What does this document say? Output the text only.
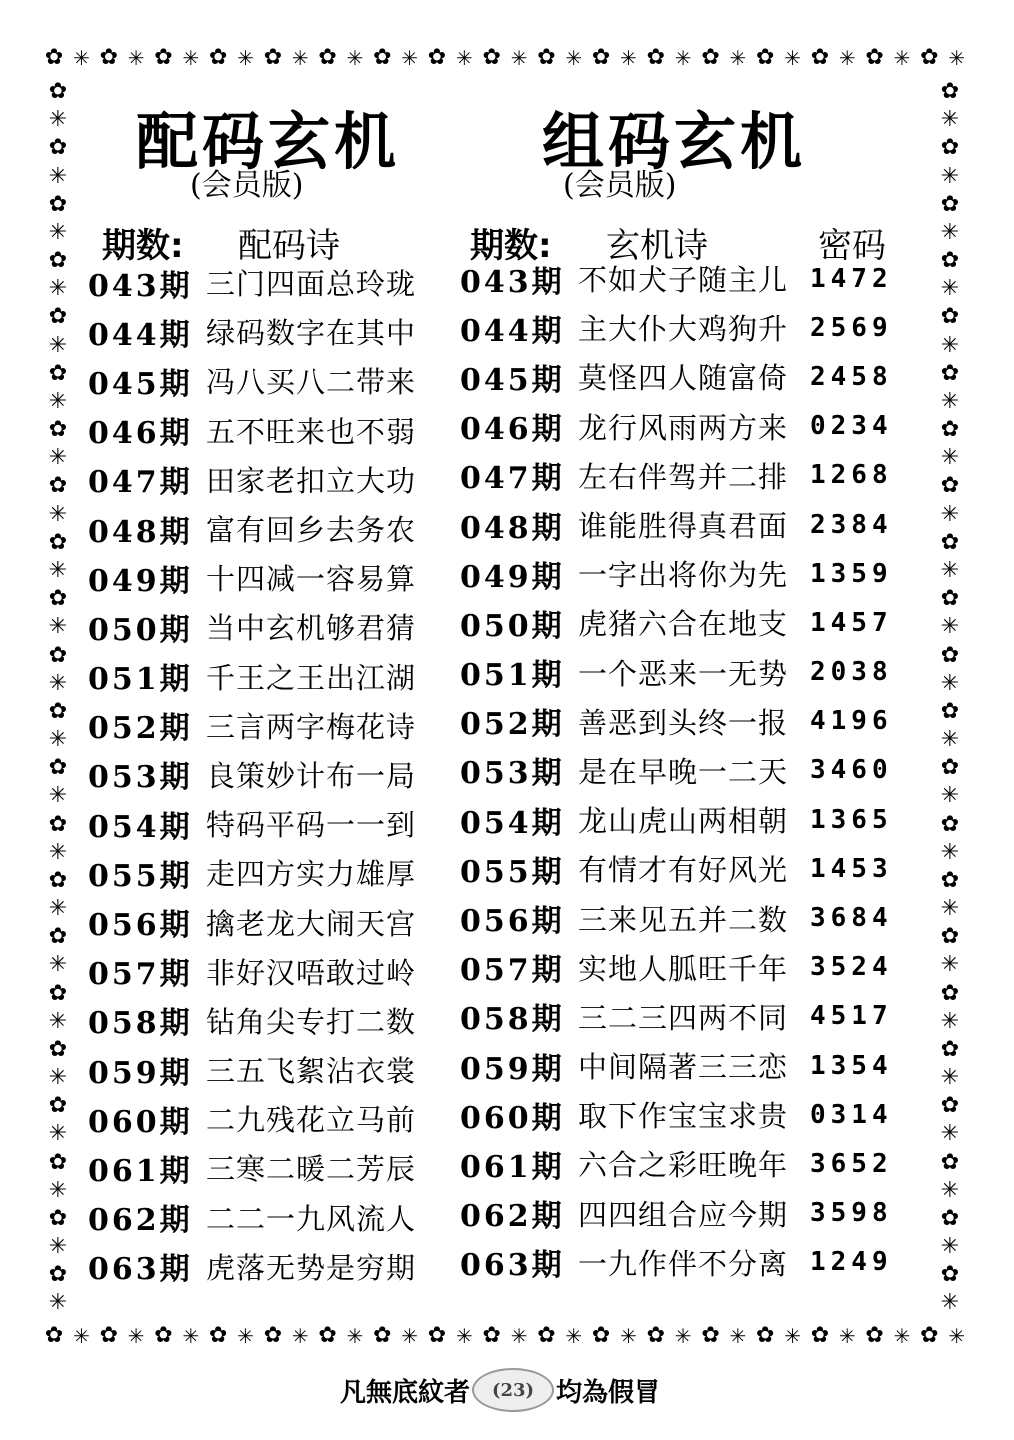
✿ ✳ ✿ ✳ ✿ ✳ ✿ ✳ ✿ ✳ ✿ ✳ ✿ ✳ ✿ ✳ ✿ ✳ ✿ ✳ ✿ ✳ ✿ ✳ ✿ ✳ ✿ ✳ ✿ ✳ ✿ ✳ ✿ ✳
✿ ✳ ✿ ✳ ✿ ✳ ✿ ✳ ✿ ✳ ✿ ✳ ✿ ✳ ✿ ✳ ✿ ✳ ✿ ✳ ✿ ✳ ✿ ✳ ✿ ✳ ✿ ✳ ✿ ✳ ✿ ✳ ✿ ✳
✿
✳
✿
✳
✿
✳
✿
✳
✿
✳
✿
✳
✿
✳
✿
✳
✿
✳
✿
✳
✿
✳
✿
✳
✿
✳
✿
✳
✿
✳
✿
✳
✿
✳
✿
✳
✿
✳
✿
✳
✿
✳
✿
✳
✿
✳
✿
✳
✿
✳
✿
✳
✿
✳
✿
✳
✿
✳
✿
✳
✿
✳
✿
✳
✿
✳
✿
✳
✿
✳
✿
✳
✿
✳
✿
✳
✿
✳
✿
✳
✿
✳
✿
✳
✿
✳
✿
✳
配码玄机
(会员版)
组码玄机
(会员版)
期数: 配码诗	期数: 玄机诗	密码
043期 三门四面总玲珑
044期 绿码数字在其中
045期 冯八买八二带来
046期 五不旺来也不弱
047期 田家老扣立大功
048期 富有回乡去务农
049期 十四减一容易算
050期 当中玄机够君猜
051期 千王之王出江湖
052期 三言两字梅花诗
053期 良策妙计布一局
054期 特码平码一一到
055期 走四方实力雄厚
056期 擒老龙大闹天宫
057期 非好汉唔敢过岭
058期 钻角尖专打二数
059期 三五飞絮沾衣裳
060期 二九残花立马前
061期 三寒二暖二芳辰
062期 二二一九风流人
063期 虎落无势是穷期
043期 不如犬子随主儿 1472
044期 主大仆大鸡狗升 2569
045期 莫怪四人随富倚 2458
046期 龙行风雨两方来 0234
047期 左右伴驾并二排 1268
048期 谁能胜得真君面 2384
049期 一字出将你为先 1359
050期 虎猪六合在地支 1457
051期 一个恶来一无势 2038
052期 善恶到头终一报 4196
053期 是在早晚一二天 3460
054期 龙山虎山两相朝 1365
055期 有情才有好风光 1453
056期 三来见五并二数 3684
057期 实地人胍旺千年 3524
058期 三二三四两不同 4517
059期 中间隔著三三恋 1354
060期 取下作宝宝求贵 0314
061期 六合之彩旺晚年 3652
062期 四四组合应今期 3598
063期 一九作伴不分离 1249
凡無底紋者 (23) 均為假冒
